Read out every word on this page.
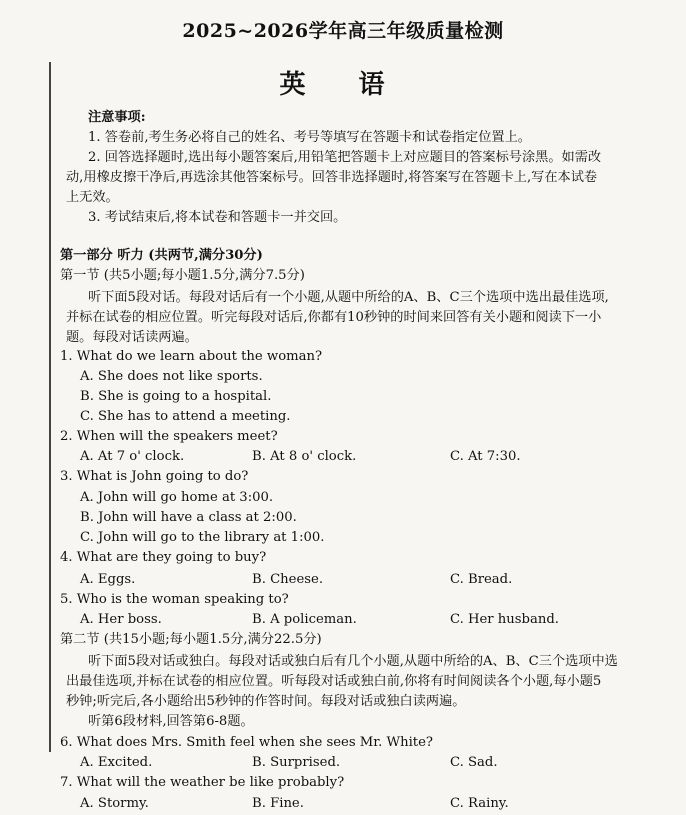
2025~2026学年高三年级质量检测
英 语
注意事项:
1. 答卷前,考生务必将自己的姓名、考号等填写在答题卡和试卷指定位置上。
2. 回答选择题时,选出每小题答案后,用铅笔把答题卡上对应题目的答案标号涂黑。如需改
动,用橡皮擦干净后,再选涂其他答案标号。回答非选择题时,将答案写在答题卡上,写在本试卷
上无效。
3. 考试结束后,将本试卷和答题卡一并交回。
第一部分 听力 (共两节,满分30分)
第一节 (共5小题;每小题1.5分,满分7.5分)
听下面5段对话。每段对话后有一个小题,从题中所给的A、B、C三个选项中选出最佳选项,
并标在试卷的相应位置。听完每段对话后,你都有10秒钟的时间来回答有关小题和阅读下一小
题。每段对话读两遍。
1. What do we learn about the woman?
A. She does not like sports.
B. She is going to a hospital.
C. She has to attend a meeting.
2. When will the speakers meet?
A. At 7 o' clock.	B. At 8 o' clock.	C. At 7:30.
3. What is John going to do?
A. John will go home at 3:00.
B. John will have a class at 2:00.
C. John will go to the library at 1:00.
4. What are they going to buy?
A. Eggs.	B. Cheese.	C. Bread.
5. Who is the woman speaking to?
A. Her boss.	B. A policeman.	C. Her husband.
第二节 (共15小题;每小题1.5分,满分22.5分)
听下面5段对话或独白。每段对话或独白后有几个小题,从题中所给的A、B、C三个选项中选
出最佳选项,并标在试卷的相应位置。听每段对话或独白前,你将有时间阅读各个小题,每小题5
秒钟;听完后,各小题给出5秒钟的作答时间。每段对话或独白读两遍。
听第6段材料,回答第6-8题。
6. What does Mrs. Smith feel when she sees Mr. White?
A. Excited.	B. Surprised.	C. Sad.
7. What will the weather be like probably?
A. Stormy.	B. Fine.	C. Rainy.
